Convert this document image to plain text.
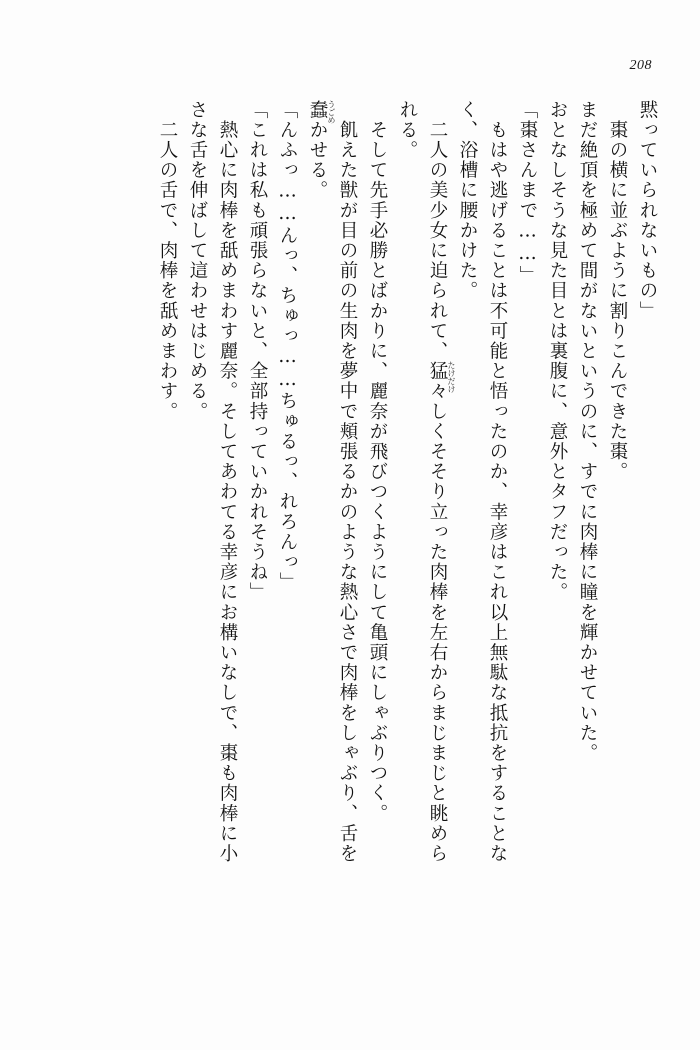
208
黙っていられないもの」
　棗の横に並ぶように割りこんできた棗。
まだ絶頂を極めて間がないというのに、すでに肉棒に瞳を輝かせていた。
おとなしそうな見た目とは裏腹に、意外とタフだった。
「棗さんまで……」
　もはや逃げることは不可能と悟ったのか、幸彦はこれ以上無駄な抵抗をすることな
く、浴槽に腰かけた。
　二人の美少女に迫られて、猛々 たけだけ
しくそそり立った肉棒を左右からまじまじと眺めら
れる。
　そして先手必勝とばかりに、麗奈が飛びつくようにして亀頭にしゃぶりつく。
　飢えた獣が目の前の生肉を夢中で頬張るかのような熱心さで肉棒をしゃぶり、舌を
蠢 うごめ
かせる。
「んふっ……んっ、ちゅっ……ちゅるっ、れろんっ」
「これは私も頑張らないと、全部持っていかれそうね」
　熱心に肉棒を舐めまわす麗奈。そしてあわてる幸彦にお構いなしで、棗も肉棒に小
さな舌を伸ばして這わせはじめる。
　二人の舌で、肉棒を舐めまわす。
